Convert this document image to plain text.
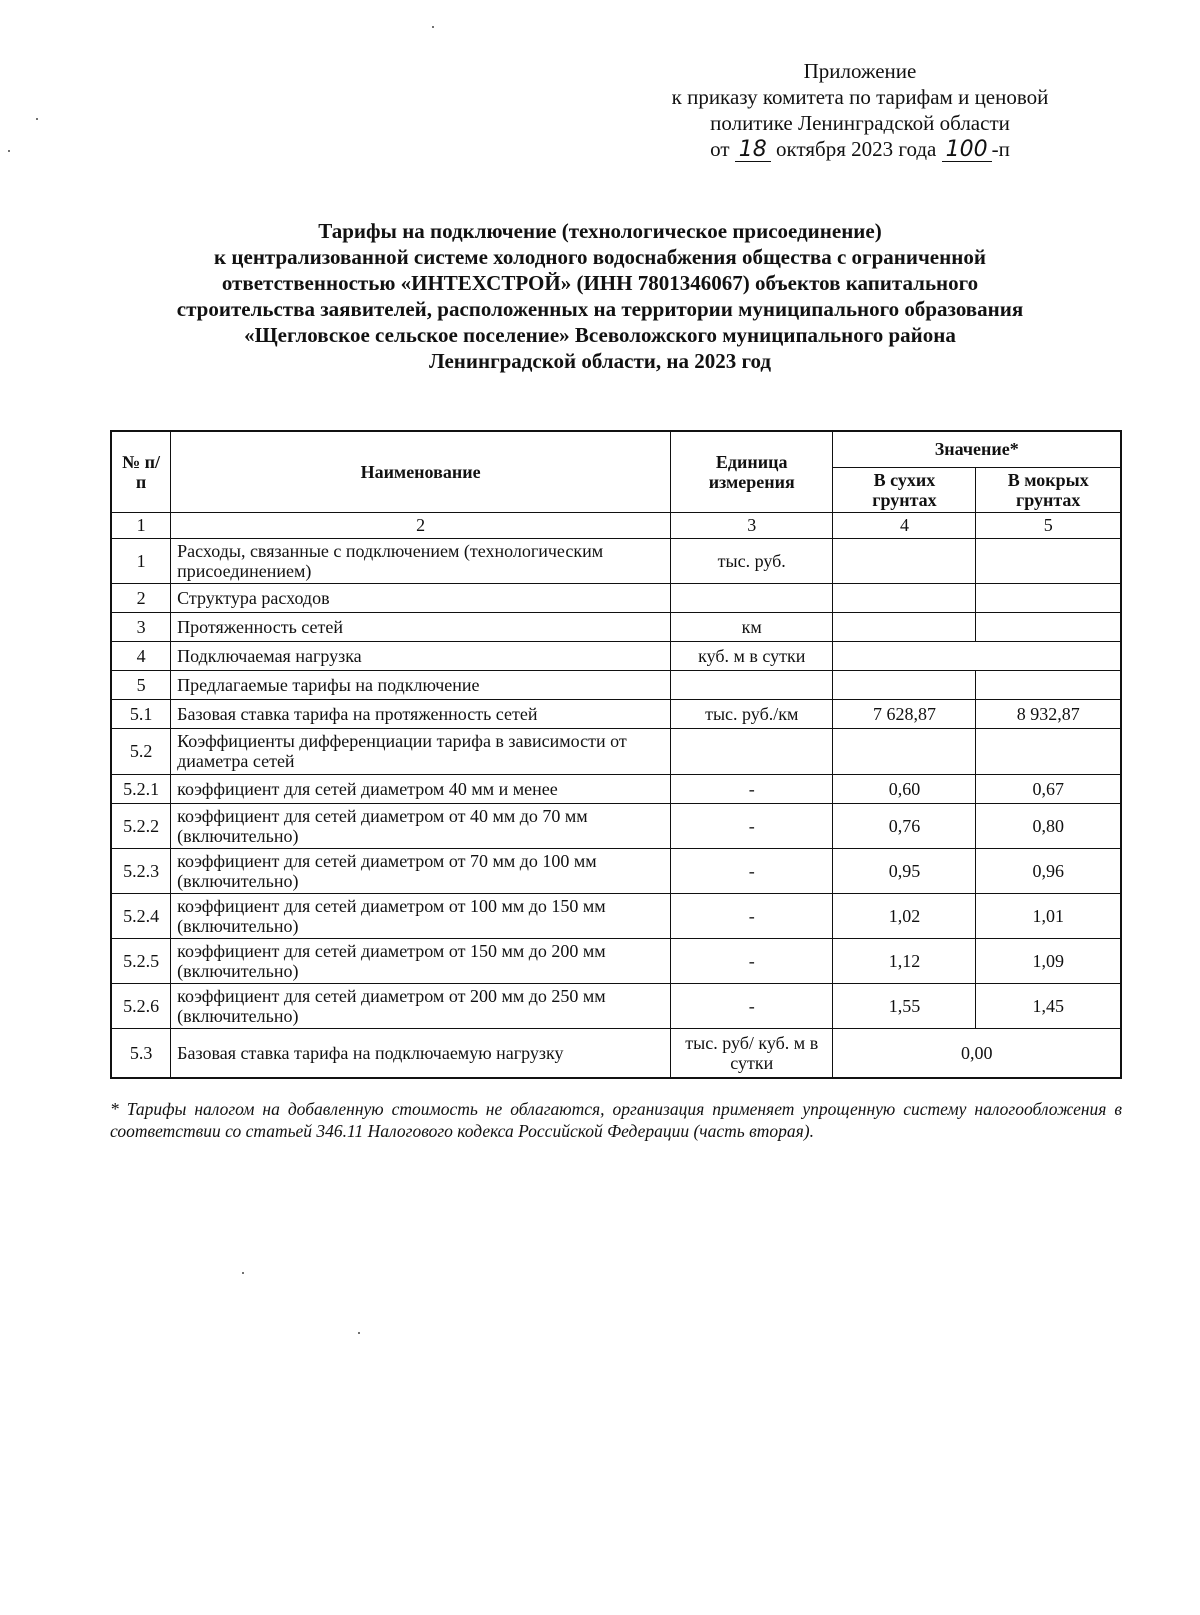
Приложение
к приказу комитета по тарифам и ценовой
политике Ленинградской области
от 18 октября 2023 года 100 -п
Тарифы на подключение (технологическое присоединение)
к централизованной системе холодного водоснабжения общества с ограниченной
ответственностью «ИНТЕХСТРОЙ» (ИНН 7801346067) объектов капитального
строительства заявителей, расположенных на территории муниципального образования
«Щегловское сельское поселение» Всеволожского муниципального района
Ленинградской области, на 2023 год
№ п/п	Наименование	Единица измерения	Значение*	
			В сухих грунтах	В мокрых грунтах
1	2	3	4	5
1	Расходы, связанные с подключением (технологическим присоединением)	тыс. руб.		
2	Структура расходов			
3	Протяженность сетей	км		
4	Подключаемая нагрузка	куб. м в сутки		
5	Предлагаемые тарифы на подключение			
5.1	Базовая ставка тарифа на протяженность сетей	тыс. руб./км	7 628,87	8 932,87
5.2	Коэффициенты дифференциации тарифа в зависимости от диаметра сетей			
5.2.1	коэффициент для сетей диаметром 40 мм и менее	-	0,60	0,67
5.2.2	коэффициент для сетей диаметром от 40 мм до 70 мм (включительно)	-	0,76	0,80
5.2.3	коэффициент для сетей диаметром от 70 мм до 100 мм (включительно)	-	0,95	0,96
5.2.4	коэффициент для сетей диаметром от 100 мм до 150 мм (включительно)	-	1,02	1,01
5.2.5	коэффициент для сетей диаметром от 150 мм до 200 мм (включительно)	-	1,12	1,09
5.2.6	коэффициент для сетей диаметром от 200 мм до 250 мм (включительно)	-	1,55	1,45
5.3	Базовая ставка тарифа на подключаемую нагрузку	тыс. руб/ куб. м в сутки	0,00	
* Тарифы налогом на добавленную стоимость не облагаются, организация применяет упрощенную систему налогообложения в соответствии со статьей 346.11 Налогового кодекса Российской Федерации (часть вторая).
